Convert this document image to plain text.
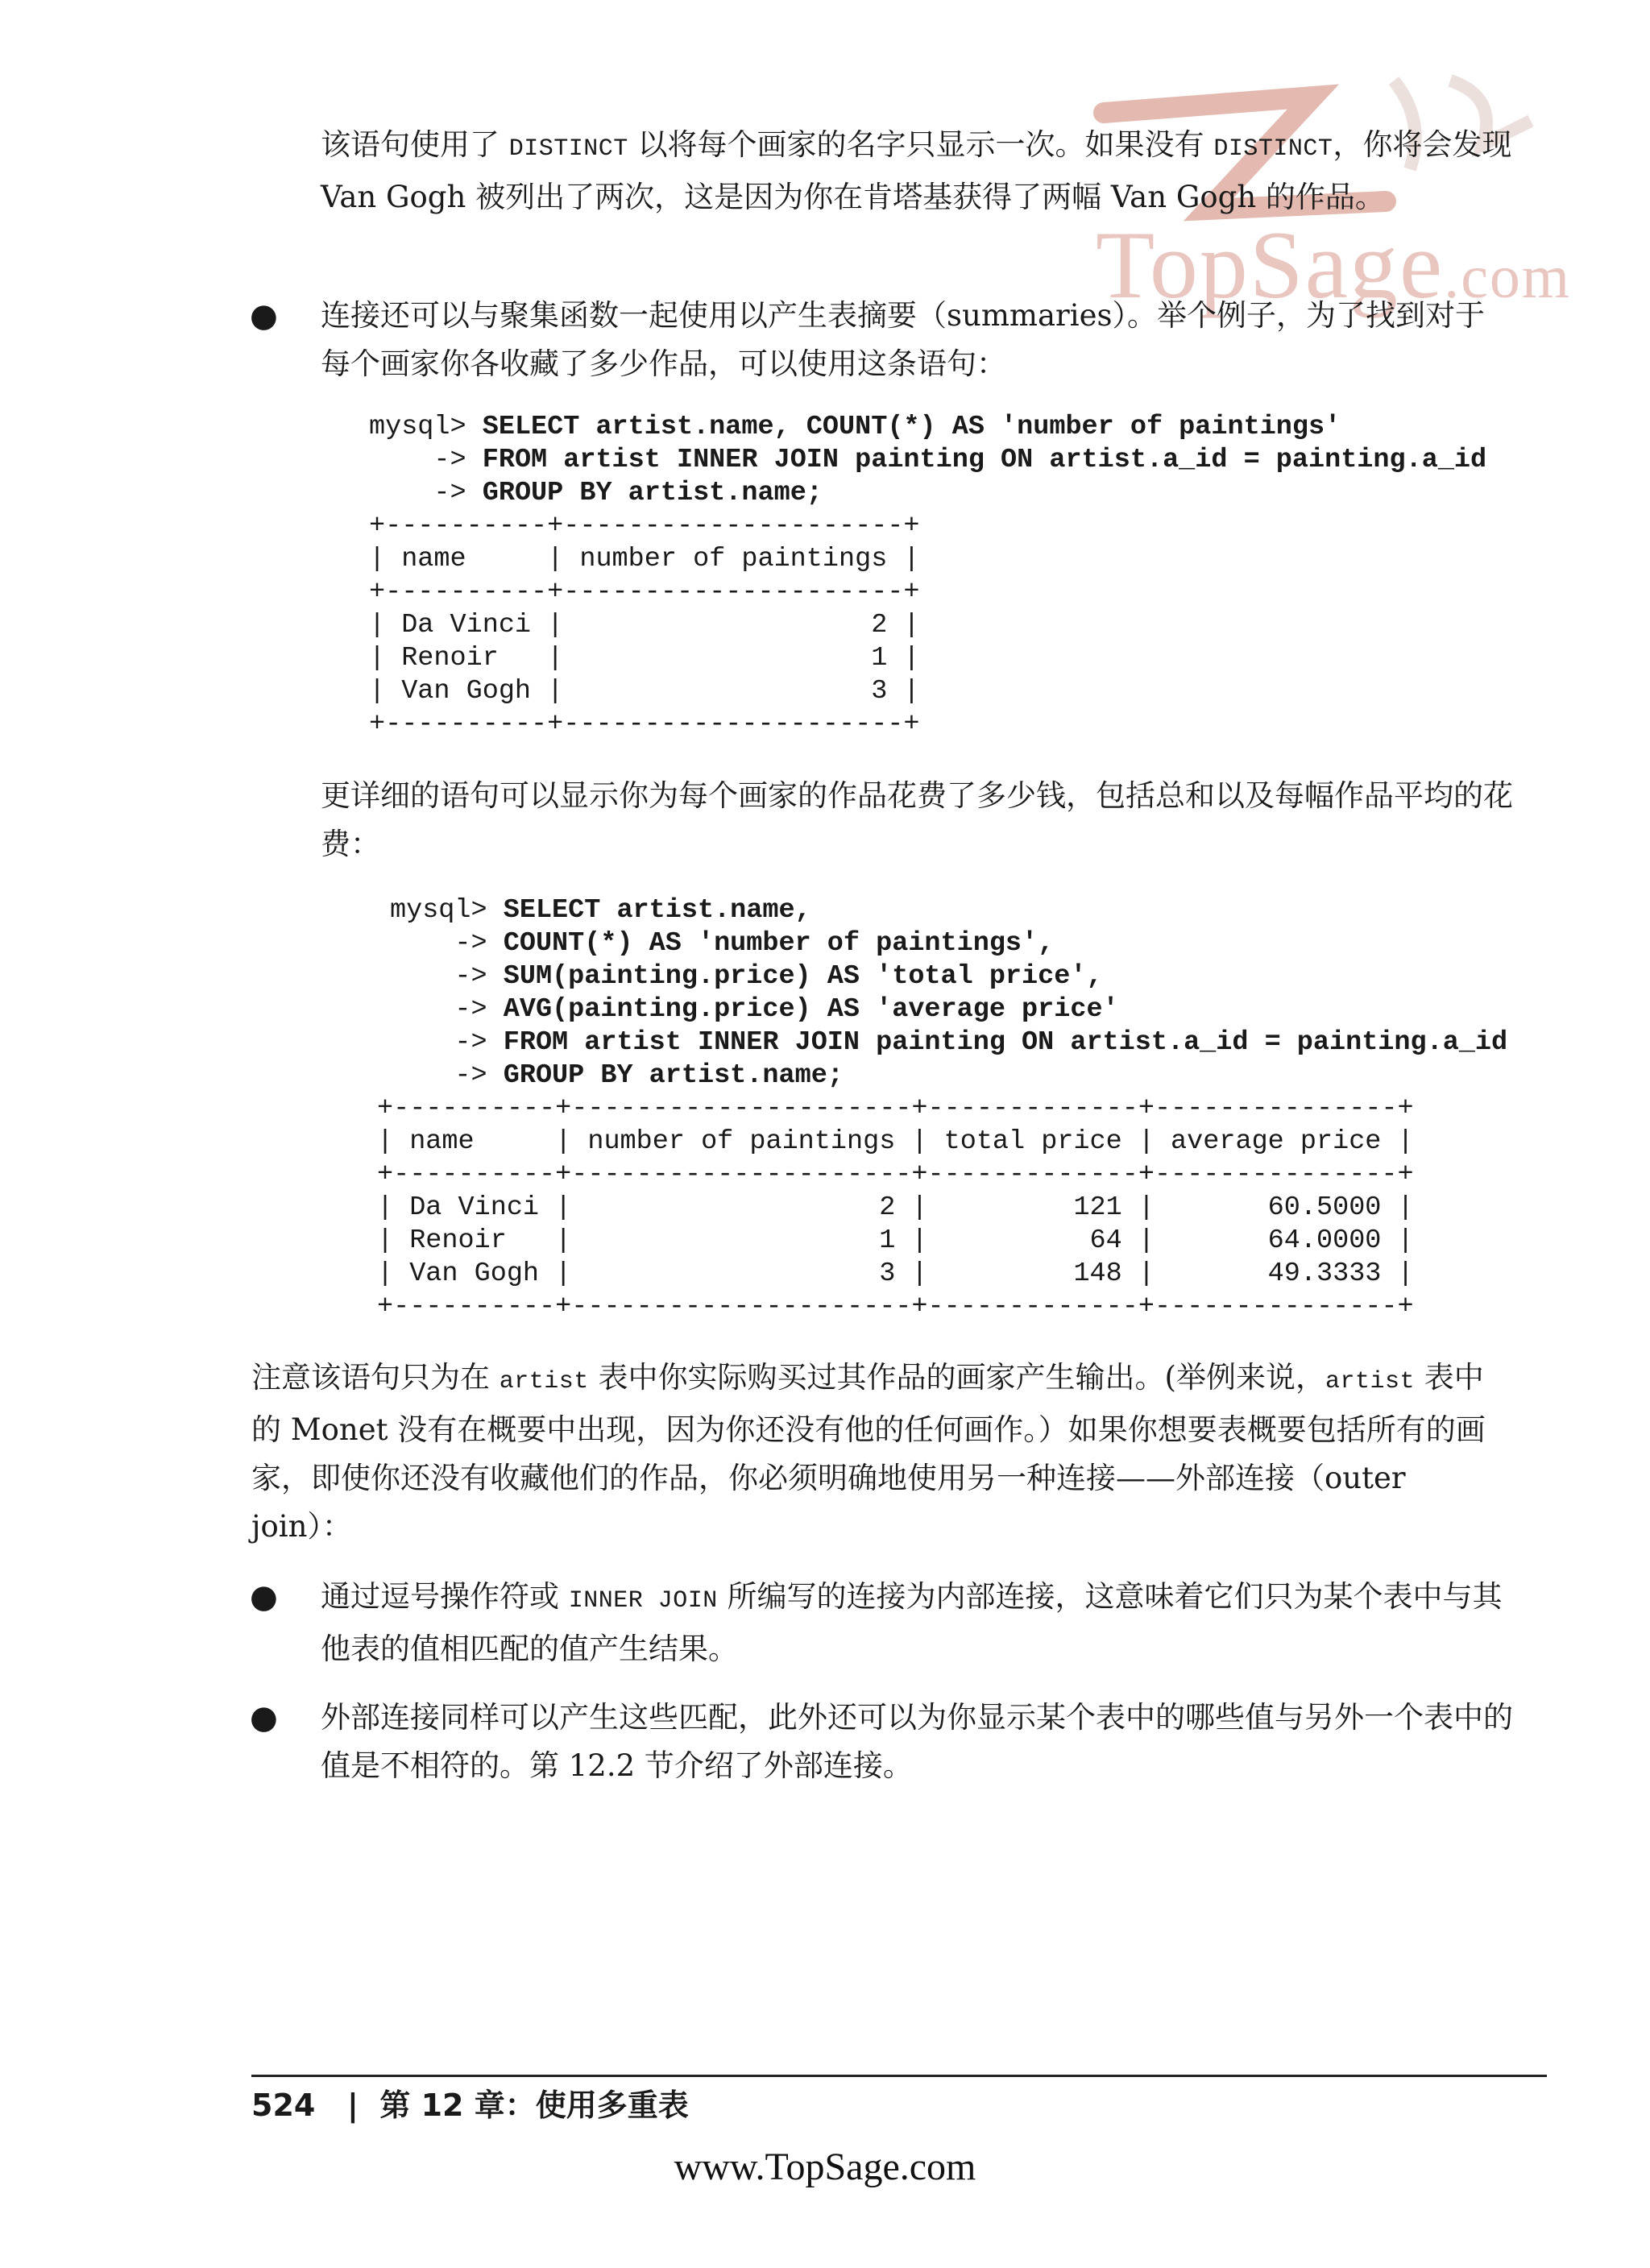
TopSage.com

该语句使用了 DISTINCT 以将每个画家的名字只显示一次。如果没有 DISTINCT，你将会发现 Van Gogh 被列出了两次，这是因为你在肯塔基获得了两幅 Van Gogh 的作品。

● 连接还可以与聚集函数一起使用以产生表摘要（summaries）。举个例子，为了找到对于每个画家你各收藏了多少作品，可以使用这条语句：

mysql> SELECT artist.name, COUNT(*) AS 'number of paintings'
-> FROM artist INNER JOIN painting ON artist.a_id = painting.a_id
-> GROUP BY artist.name;
+----------+---------------------+
| name     | number of paintings |
+----------+---------------------+
| Da Vinci |                   2 |
| Renoir   |                   1 |
| Van Gogh |                   3 |
+----------+---------------------+

更详细的语句可以显示你为每个画家的作品花费了多少钱，包括总和以及每幅作品平均的花费：

mysql> SELECT artist.name,
-> COUNT(*) AS 'number of paintings',
-> SUM(painting.price) AS 'total price',
-> AVG(painting.price) AS 'average price'
-> FROM artist INNER JOIN painting ON artist.a_id = painting.a_id
-> GROUP BY artist.name;
+----------+---------------------+-------------+---------------+
| name     | number of paintings | total price | average price |
+----------+---------------------+-------------+---------------+
| Da Vinci |                   2 |         121 |       60.5000 |
| Renoir   |                   1 |          64 |       64.0000 |
| Van Gogh |                   3 |         148 |       49.3333 |
+----------+---------------------+-------------+---------------+

注意该语句只为在 artist 表中你实际购买过其作品的画家产生输出。(举例来说，artist 表中的 Monet 没有在概要中出现，因为你还没有他的任何画作。）如果你想要表概要包括所有的画家，即使你还没有收藏他们的作品，你必须明确地使用另一种连接——外部连接（outer join）：

● 通过逗号操作符或 INNER JOIN 所编写的连接为内部连接，这意味着它们只为某个表中与其他表的值相匹配的值产生结果。

● 外部连接同样可以产生这些匹配，此外还可以为你显示某个表中的哪些值与另外一个表中的值是不相符的。第 12.2 节介绍了外部连接。

524 | 第 12 章：使用多重表
www.TopSage.com
